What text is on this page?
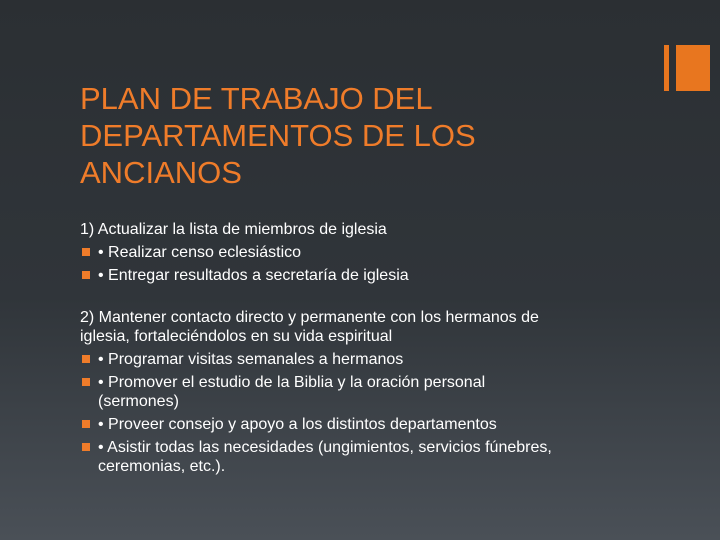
PLAN DE TRABAJO DEL
DEPARTAMENTOS DE LOS
ANCIANOS

1) Actualizar la lista de miembros de iglesia

• Realizar censo eclesiástico
• Entregar resultados a secretaría de iglesia

2) Mantener contacto directo y permanente con los hermanos de
iglesia, fortaleciéndolos en su vida espiritual

• Programar visitas semanales a hermanos
• Promover el estudio de la Biblia y la oración personal
(sermones)
• Proveer consejo y apoyo a los distintos departamentos
• Asistir todas las necesidades (ungimientos, servicios fúnebres,
ceremonias, etc.).
